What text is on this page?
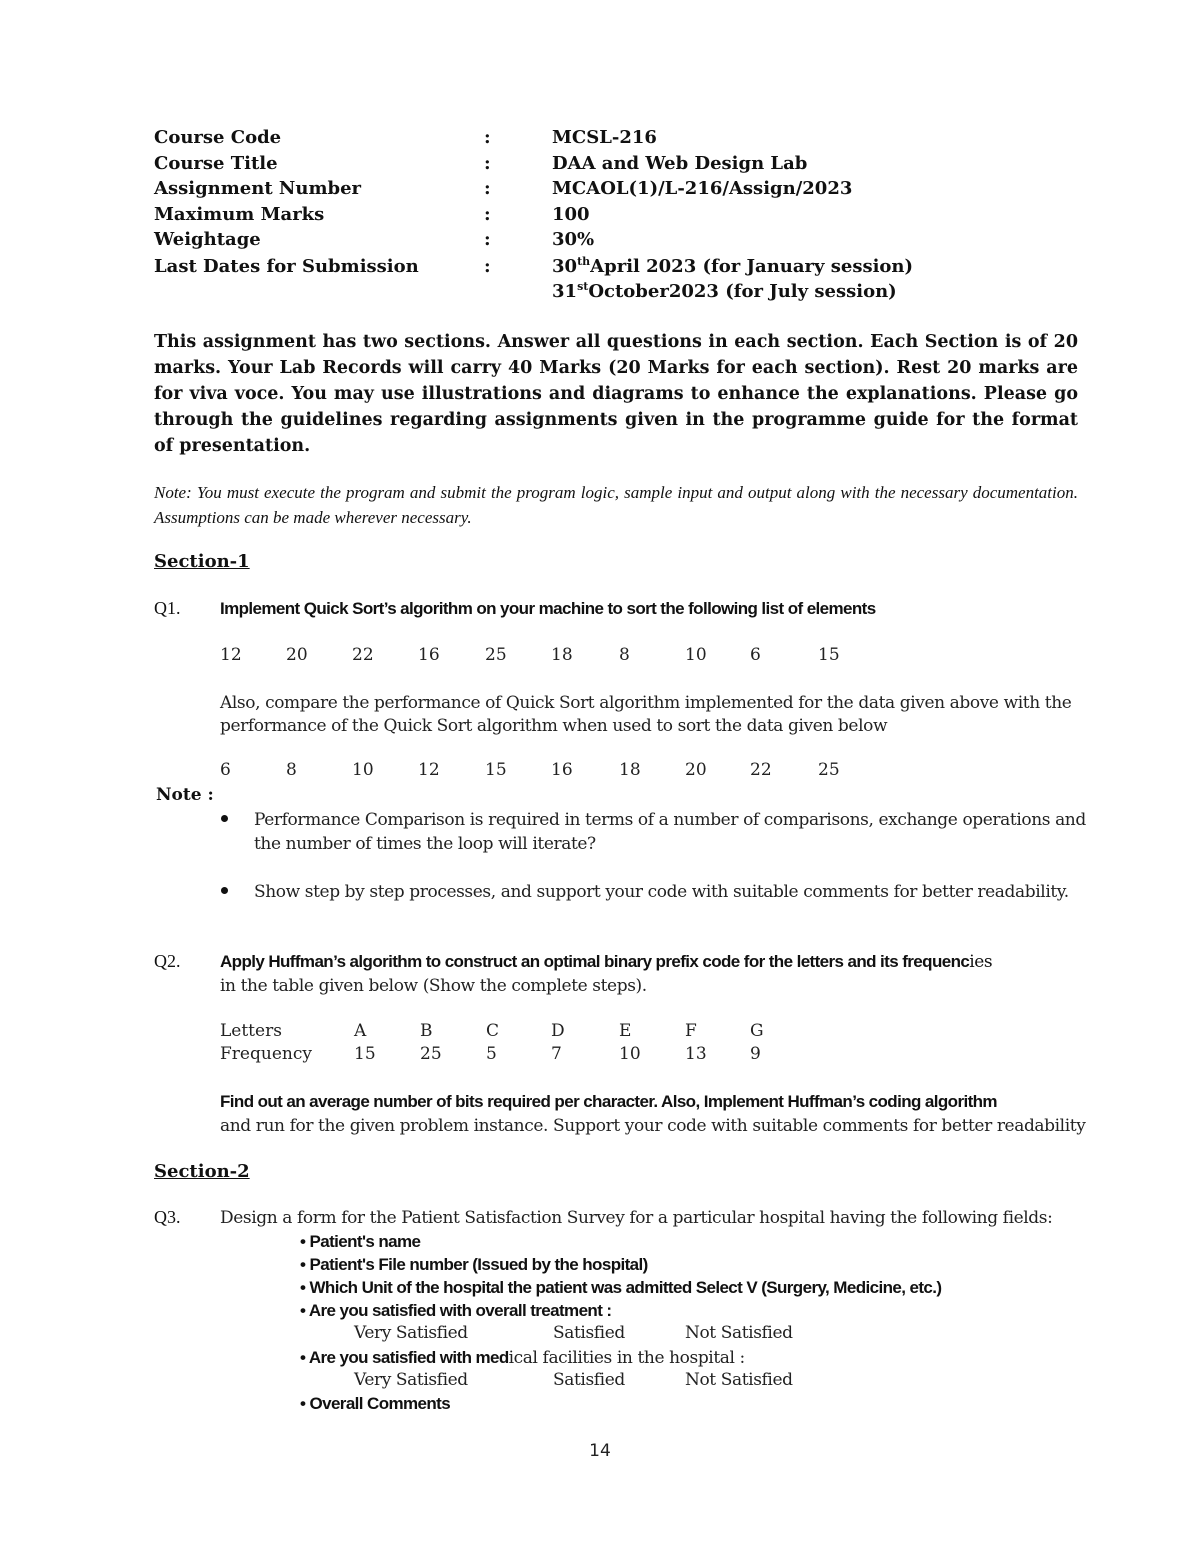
Course Code	:	MCSL-216
Course Title	:	DAA and Web Design Lab
Assignment Number	:	MCAOL(1)/L-216/Assign/2023
Maximum Marks	:	100
Weightage	:	30%
Last Dates for Submission	:	30thApril 2023 (for January session)
31stOctober2023 (for July session)
This assignment has two sections. Answer all questions in each section. Each Section is of 20 marks. Your Lab Records will carry 40 Marks (20 Marks for each section). Rest 20 marks are for viva voce. You may use illustrations and diagrams to enhance the explanations. Please go through the guidelines regarding assignments given in the programme guide for the format of presentation.
Note: You must execute the program and submit the program logic, sample input and output along with the necessary documentation. Assumptions can be made wherever necessary.
Section-1
Q1. Implement Quick Sort’s algorithm on your machine to sort the following list of elements
12	20	22	16	25	18	8	10	6	15
Also, compare the performance of Quick Sort algorithm implemented for the data given above with the
performance of the Quick Sort algorithm when used to sort the data given below
6	8	10	12	15	16	18	20	22	25
Note :
Performance Comparison is required in terms of a number of comparisons, exchange operations and
the number of times the loop will iterate?
Show step by step processes, and support your code with suitable comments for better readability.
Q2. Apply Huffman’s algorithm to construct an optimal binary prefix code for the letters and its frequencies
in the table given below (Show the complete steps).
Letters	A	B	C	D	E	F	G
Frequency 15	25	5	7	10	13	9
Find out an average number of bits required per character. Also, Implement Huffman’s coding algorithm
and run for the given problem instance. Support your code with suitable comments for better readability
Section-2
Q3. Design a form for the Patient Satisfaction Survey for a particular hospital having the following fields:
• Patient's name
• Patient's File number (Issued by the hospital)
• Which Unit of the hospital the patient was admitted Select V (Surgery, Medicine, etc.)
• Are you satisfied with overall treatment :
Very Satisfied	Satisfied	Not Satisfied
• Are you satisfied with medical facilities in the hospital :
Very Satisfied	Satisfied	Not Satisfied
• Overall Comments
14
